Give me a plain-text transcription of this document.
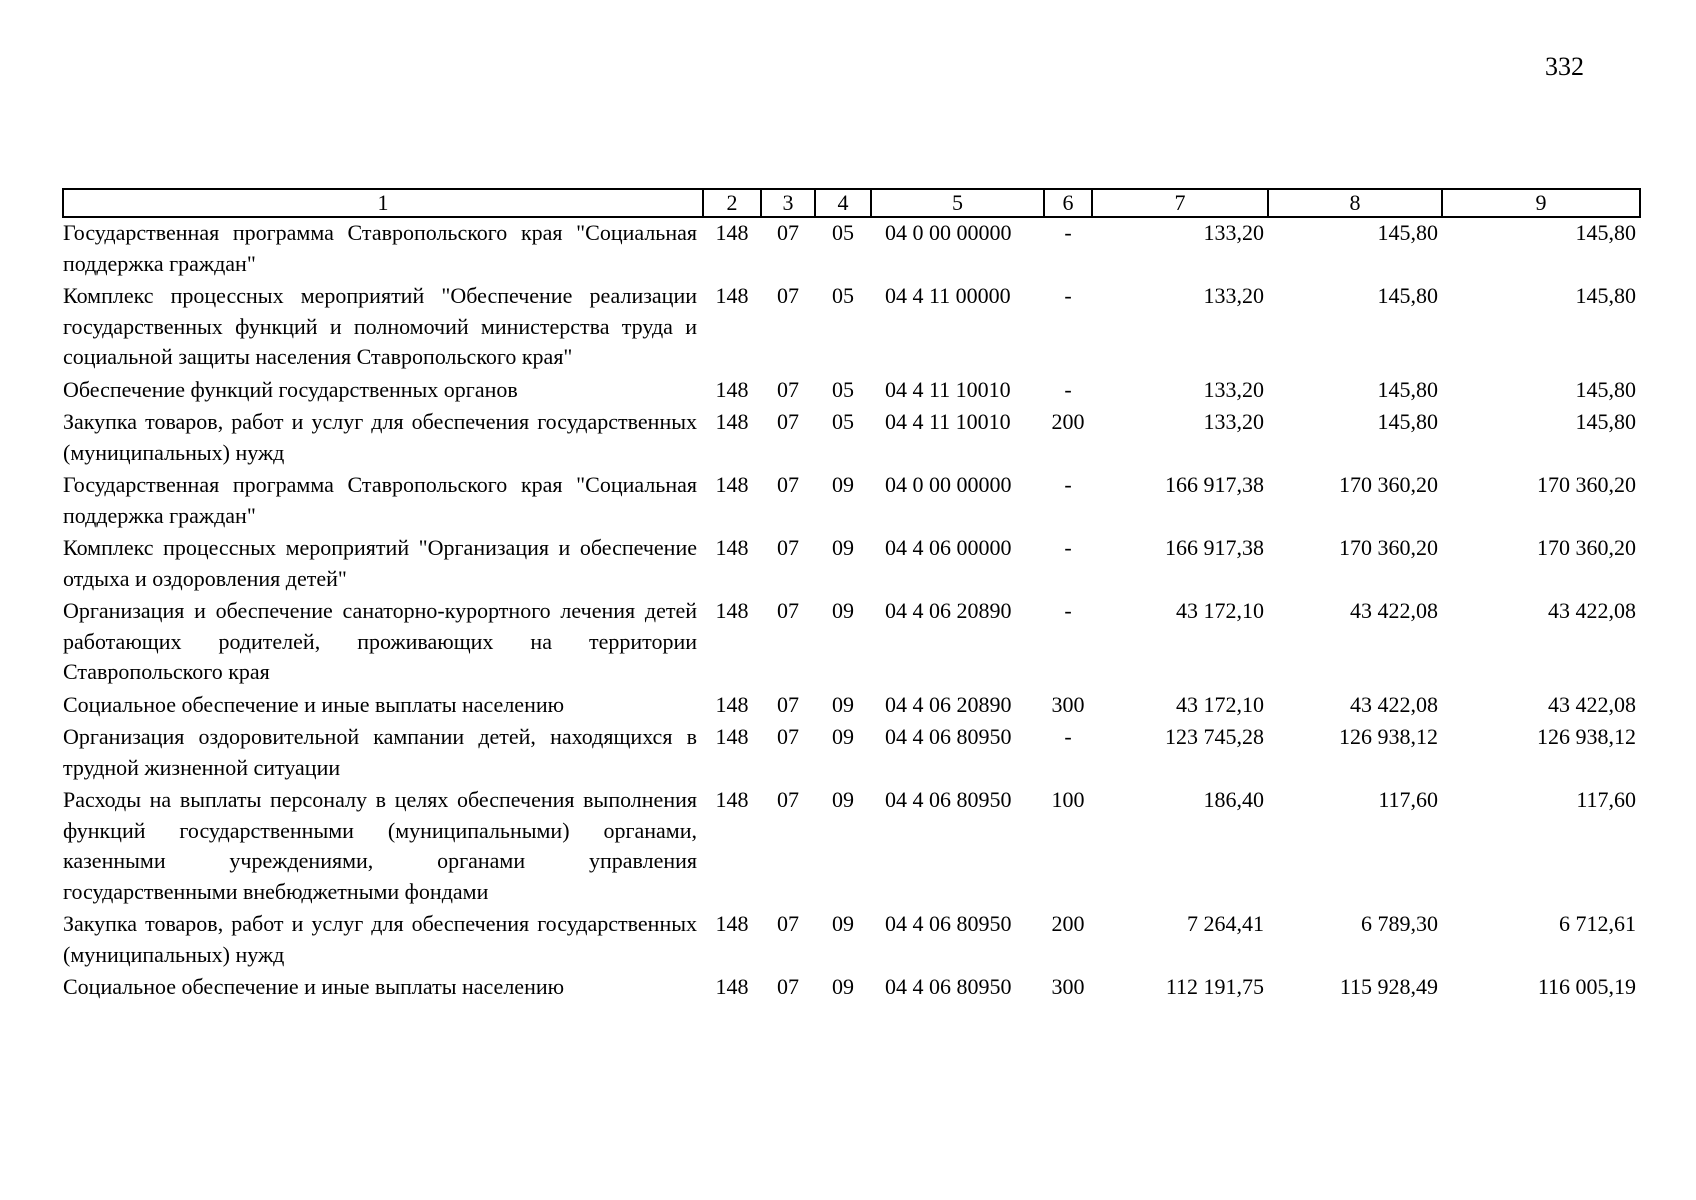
332
1	2	3	4	5	6	7	8	9
Государственная программа Ставропольского края "Социальная поддержка граждан"	148	07	05	04 0 00 00000	-	133,20	145,80	145,80
Комплекс процессных мероприятий "Обеспечение реализации государственных функций и полномочий министерства труда и социальной защиты населения Ставропольского края"	148	07	05	04 4 11 00000	-	133,20	145,80	145,80
Обеспечение функций государственных органов	148	07	05	04 4 11 10010	-	133,20	145,80	145,80
Закупка товаров, работ и услуг для обеспечения государственных (муниципальных) нужд	148	07	05	04 4 11 10010	200	133,20	145,80	145,80
Государственная программа Ставропольского края "Социальная поддержка граждан"	148	07	09	04 0 00 00000	-	166 917,38	170 360,20	170 360,20
Комплекс процессных мероприятий "Организация и обеспечение отдыха и оздоровления детей"	148	07	09	04 4 06 00000	-	166 917,38	170 360,20	170 360,20
Организация и обеспечение санаторно-курортного лечения детей работающих родителей, проживающих на территории Ставропольского края	148	07	09	04 4 06 20890	-	43 172,10	43 422,08	43 422,08
Социальное обеспечение и иные выплаты населению	148	07	09	04 4 06 20890	300	43 172,10	43 422,08	43 422,08
Организация оздоровительной кампании детей, находящихся в трудной жизненной ситуации	148	07	09	04 4 06 80950	-	123 745,28	126 938,12	126 938,12
Расходы на выплаты персоналу в целях обеспечения выполнения функций государственными (муниципальными) органами, казенными учреждениями, органами управления государственными внебюджетными фондами	148	07	09	04 4 06 80950	100	186,40	117,60	117,60
Закупка товаров, работ и услуг для обеспечения государственных (муниципальных) нужд	148	07	09	04 4 06 80950	200	7 264,41	6 789,30	6 712,61
Социальное обеспечение и иные выплаты населению	148	07	09	04 4 06 80950	300	112 191,75	115 928,49	116 005,19
